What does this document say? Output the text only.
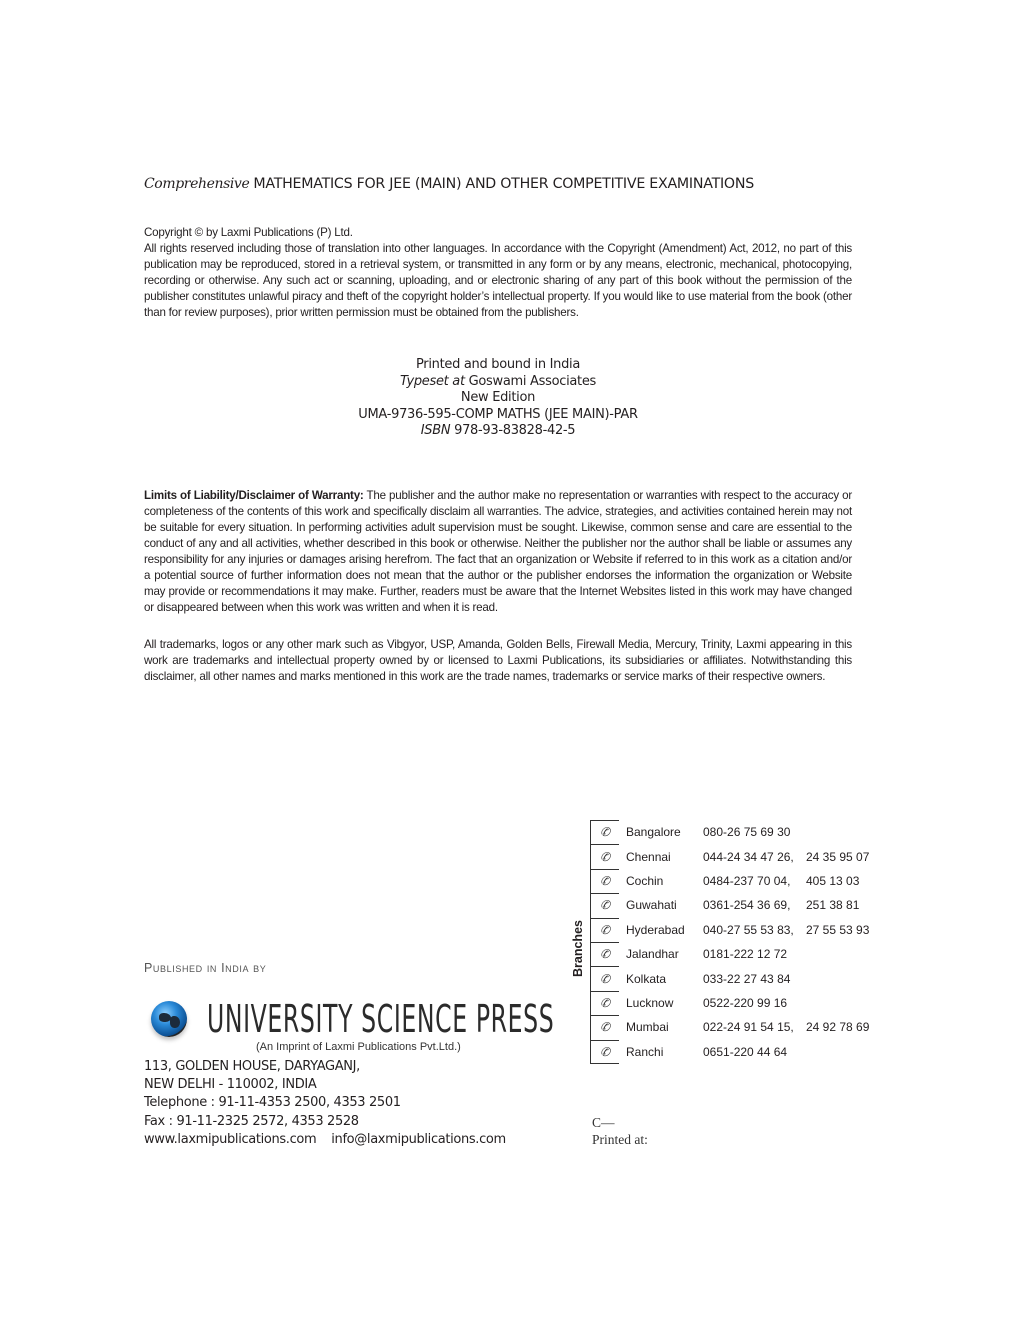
Comprehensive MATHEMATICS FOR JEE (MAIN) AND OTHER COMPETITIVE EXAMINATIONS

Copyright © by Laxmi Publications (P) Ltd.

All rights reserved including those of translation into other languages. In accordance with the Copyright (Amendment) Act, 2012, no part of this publication may be reproduced, stored in a retrieval system, or transmitted in any form or by any means, electronic, mechanical, photocopying, recording or otherwise. Any such act or scanning, uploading, and or electronic sharing of any part of this book without the permission of the publisher constitutes unlawful piracy and theft of the copyright holder’s intellectual property. If you would like to use material from the book (other than for review purposes), prior written permission must be obtained from the publishers.

Printed and bound in India
Typeset at Goswami Associates
New Edition
UMA-9736-595-COMP MATHS (JEE MAIN)-PAR
ISBN 978-93-83828-42-5

Limits of Liability/Disclaimer of Warranty: The publisher and the author make no representation or warranties with respect to the accuracy or completeness of the contents of this work and specifically disclaim all warranties. The advice, strategies, and activities contained herein may not be suitable for every situation. In performing activities adult supervision must be sought. Likewise, common sense and care are essential to the conduct of any and all activities, whether described in this book or otherwise. Neither the publisher nor the author shall be liable or assumes any responsibility for any injuries or damages arising herefrom. The fact that an organization or Website if referred to in this work as a citation and/or a potential source of further information does not mean that the author or the publisher endorses the information the organization or Website may provide or recommendations it may make. Further, readers must be aware that the Internet Websites listed in this work may have changed or disappeared between when this work was written and when it is read.

All trademarks, logos or any other mark such as Vibgyor, USP, Amanda, Golden Bells, Firewall Media, Mercury, Trinity, Laxmi appearing in this work are trademarks and intellectual property owned by or licensed to Laxmi Publications, its subsidiaries or affiliates. Notwithstanding this disclaimer, all other names and marks mentioned in this work are the trade names, trademarks or service marks of their respective owners.

Published in India by
UNIVERSITY SCIENCE PRESS
(An Imprint of Laxmi Publications Pvt.Ltd.)
113, GOLDEN HOUSE, DARYAGANJ,
NEW DELHI - 110002, INDIA
Telephone : 91-11-4353 2500, 4353 2501
Fax : 91-11-2325 2572, 4353 2528
www.laxmipublications.com info@laxmipublications.com
Branches
✆	Bangalore 080-26 75 69 30
✆	Chennai	044-24 34 47 26, 24 35 95 07
✆	Cochin	0484-237 70 04, 405 13 03
✆	Guwahati 0361-254 36 69, 251 38 81
✆	Hyderabad 040-27 55 53 83, 27 55 53 93
✆	Jalandhar 0181-222 12 72
✆	Kolkata	033-22 27 43 84
✆	Lucknow 0522-220 99 16
✆	Mumbai	022-24 91 54 15, 24 92 78 69
✆	Ranchi	0651-220 44 64
C—
Printed at:
